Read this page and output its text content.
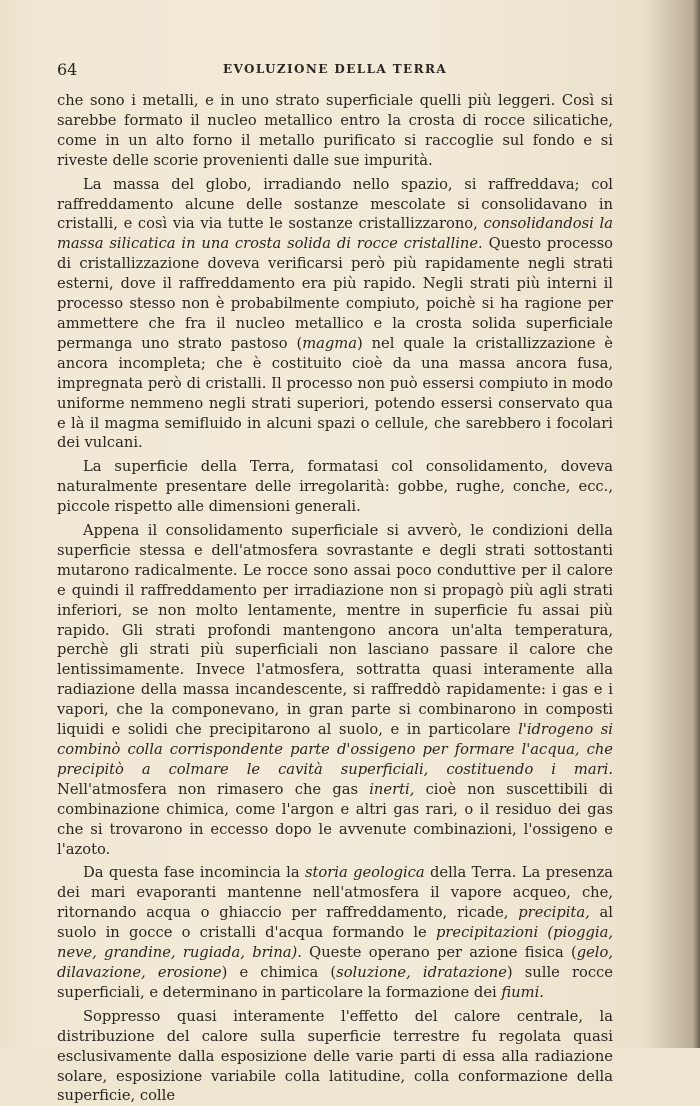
64	EVOLUZIONE DELLA TERRA

che sono i metalli, e in uno strato superficiale quelli più leggeri. Così si sarebbe formato il nucleo metallico entro la crosta di rocce silicatiche, come in un alto forno il metallo purificato si raccoglie sul fondo e si riveste delle scorie provenienti dalle sue impurità.

La massa del globo, irradiando nello spazio, si raffreddava; col raffreddamento alcune delle sostanze mescolate si consolidavano in cristalli, e così via via tutte le sostanze cristallizzarono, consolidandosi la massa silicatica in una crosta solida di rocce cristalline. Questo processo di cristallizzazione doveva verificarsi però più rapidamente negli strati esterni, dove il raffreddamento era più rapido. Negli strati più interni il processo stesso non è probabilmente compiuto, poichè si ha ragione per ammettere che fra il nucleo metallico e la crosta solida superficiale permanga uno strato pastoso (magma) nel quale la cristallizzazione è ancora incompleta; che è costituito cioè da una massa ancora fusa, impregnata però di cristalli. Il processo non può essersi compiuto in modo uniforme nemmeno negli strati superiori, potendo essersi conservato qua e là il magma semifluido in alcuni spazi o cellule, che sarebbero i focolari dei vulcani.

La superficie della Terra, formatasi col consolidamento, doveva naturalmente presentare delle irregolarità: gobbe, rughe, conche, ecc., piccole rispetto alle dimensioni generali.

Appena il consolidamento superficiale si avverò, le condizioni della superficie stessa e dell'atmosfera sovrastante e degli strati sottostanti mutarono radicalmente. Le rocce sono assai poco conduttive per il calore e quindi il raffreddamento per irradiazione non si propagò più agli strati inferiori, se non molto lentamente, mentre in superficie fu assai più rapido. Gli strati profondi mantengono ancora un'alta temperatura, perchè gli strati più superficiali non lasciano passare il calore che lentissimamente. Invece l'atmosfera, sottratta quasi interamente alla radiazione della massa incandescente, si raffreddò rapidamente: i gas e i vapori, che la componevano, in gran parte si combinarono in composti liquidi e solidi che precipitarono al suolo, e in particolare l'idrogeno si combinò colla corrispondente parte d'ossigeno per formare l'acqua, che precipitò a colmare le cavità superficiali, costituendo i mari. Nell'atmosfera non rimasero che gas inerti, cioè non suscettibili di combinazione chimica, come l'argon e altri gas rari, o il residuo dei gas che si trovarono in eccesso dopo le avvenute combinazioni, l'ossigeno e l'azoto.

Da questa fase incomincia la storia geologica della Terra. La presenza dei mari evaporanti mantenne nell'atmosfera il vapore acqueo, che, ritornando acqua o ghiaccio per raffreddamento, ricade, precipita, al suolo in gocce o cristalli d'acqua formando le precipitazioni (pioggia, neve, grandine, rugiada, brina). Queste operano per azione fisica (gelo, dilavazione, erosione) e chimica (soluzione, idratazione) sulle rocce superficiali, e determinano in particolare la formazione dei fiumi.

Soppresso quasi interamente l'effetto del calore centrale, la distribuzione del calore sulla superficie terrestre fu regolata quasi esclusivamente dalla esposizione delle varie parti di essa alla radiazione solare, esposizione variabile colla latitudine, colla conformazione della superficie, colle
